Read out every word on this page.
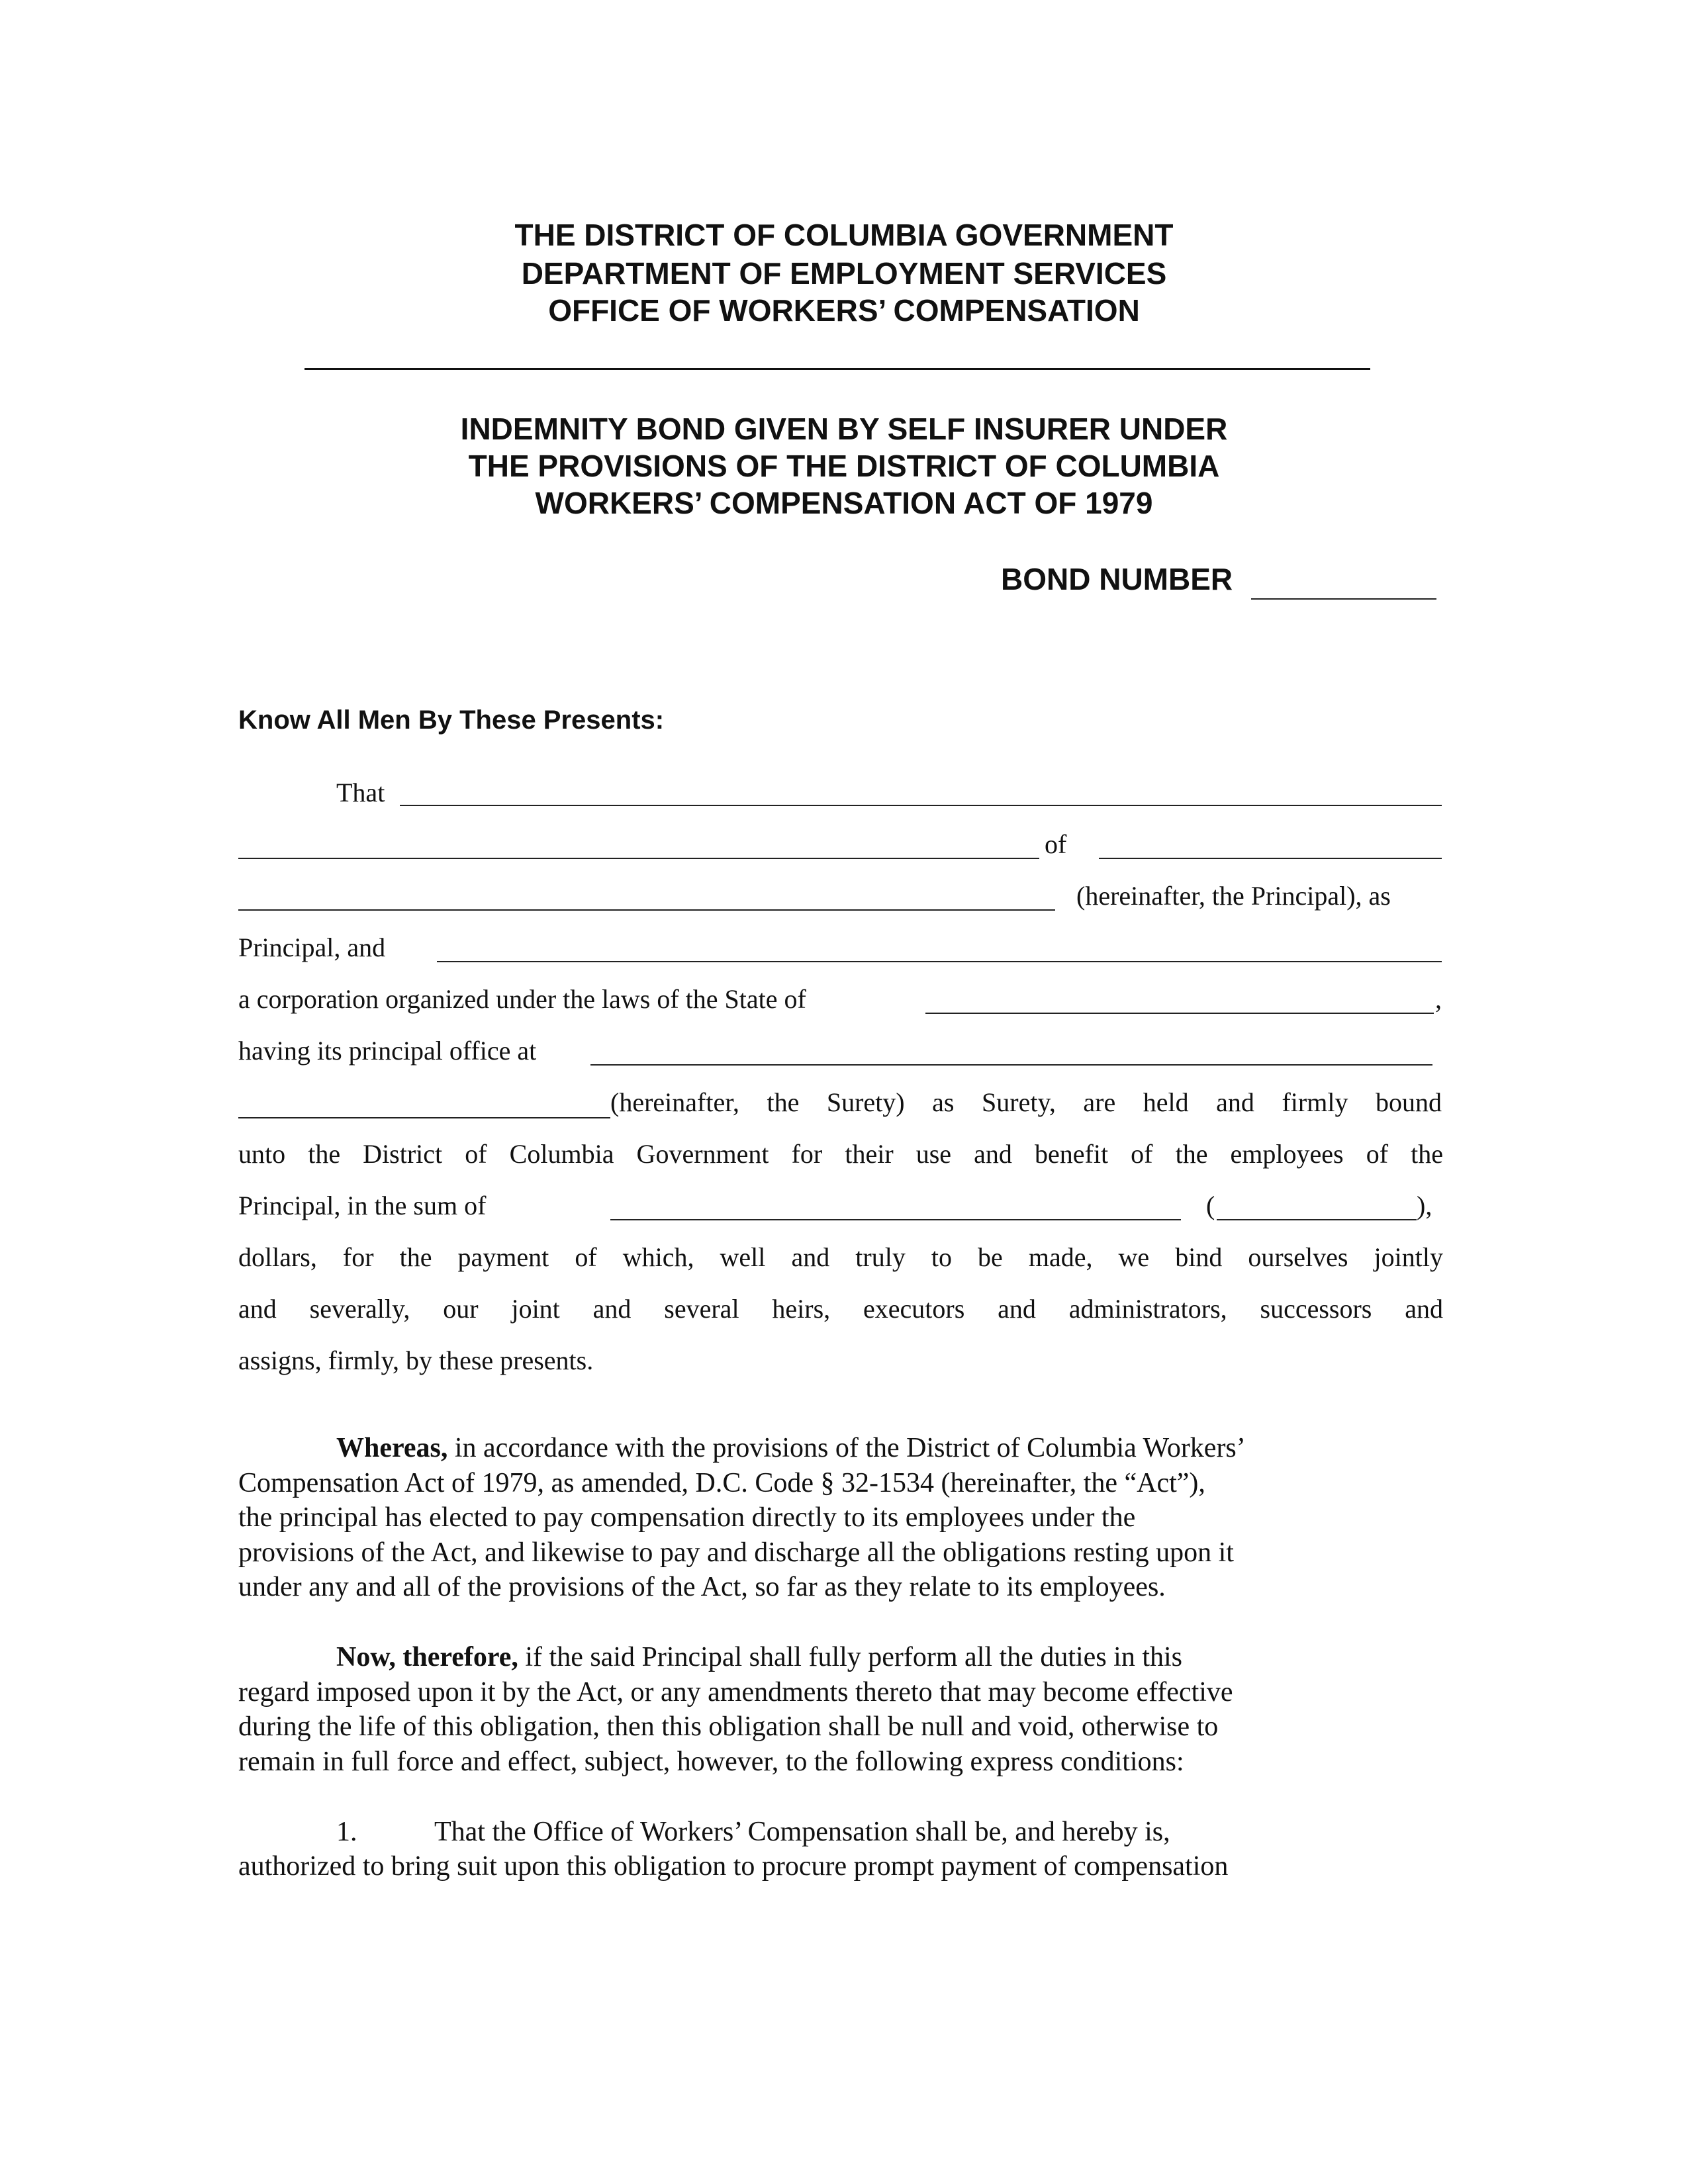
THE DISTRICT OF COLUMBIA GOVERNMENT
DEPARTMENT OF EMPLOYMENT SERVICES
OFFICE OF WORKERS’ COMPENSATION
INDEMNITY BOND GIVEN BY SELF INSURER UNDER
THE PROVISIONS OF THE DISTRICT OF COLUMBIA
WORKERS’ COMPENSATION ACT OF 1979
BOND NUMBER
Know All Men By These Presents:
That
of
(hereinafter, the Principal), as
Principal, and
a corporation organized under the laws of the State of	,
having its principal office at
(hereinafter, the Surety) as Surety, are held and firmly bound
unto the District of Columbia Government for their use and benefit of the employees of the
Principal, in the sum of	(	),
dollars, for the payment of which, well and truly to be made, we bind ourselves jointly
and severally, our joint and several heirs, executors and administrators, successors and
assigns, firmly, by these presents.
Whereas, in accordance with the provisions of the District of Columbia Workers’
Compensation Act of 1979, as amended, D.C. Code § 32-1534 (hereinafter, the “Act”),
the principal has elected to pay compensation directly to its employees under the
provisions of the Act, and likewise to pay and discharge all the obligations resting upon it
under any and all of the provisions of the Act, so far as they relate to its employees.
Now, therefore, if the said Principal shall fully perform all the duties in this
regard imposed upon it by the Act, or any amendments thereto that may become effective
during the life of this obligation, then this obligation shall be null and void, otherwise to
remain in full force and effect, subject, however, to the following express conditions:
1.	That the Office of Workers’ Compensation shall be, and hereby is,
authorized to bring suit upon this obligation to procure prompt payment of compensation
